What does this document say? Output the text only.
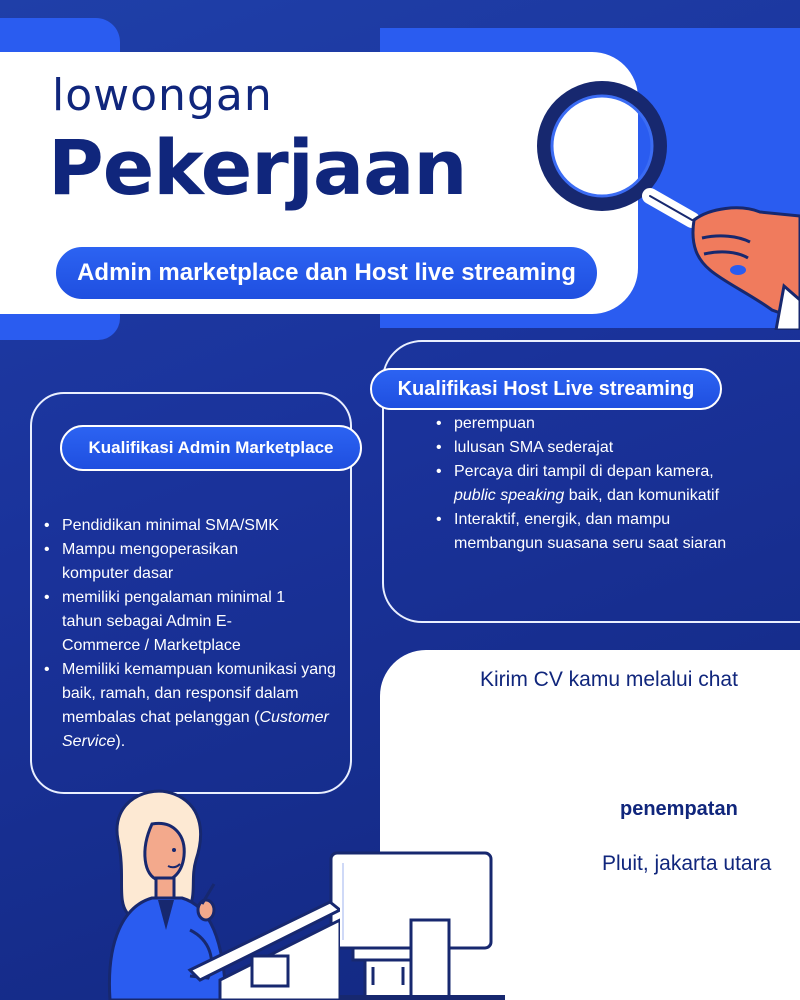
lowongan
Pekerjaan
Admin marketplace dan Host live streaming
Kualifikasi Admin Marketplace
• Pendidikan minimal SMA/SMK
• Mampu mengoperasikan komputer dasar
• memiliki pengalaman minimal 1 tahun sebagai Admin E-Commerce / Marketplace
• Memiliki kemampuan komunikasi yang baik, ramah, dan responsif dalam membalas chat pelanggan (Customer Service).
Kualifikasi Host Live streaming
• perempuan
• lulusan SMA sederajat
• Percaya diri tampil di depan kamera, public speaking baik, dan komunikatif
• Interaktif, energik, dan mampu membangun suasana seru saat siaran
Kirim CV kamu melalui chat
penempatan
Pluit, jakarta utara
